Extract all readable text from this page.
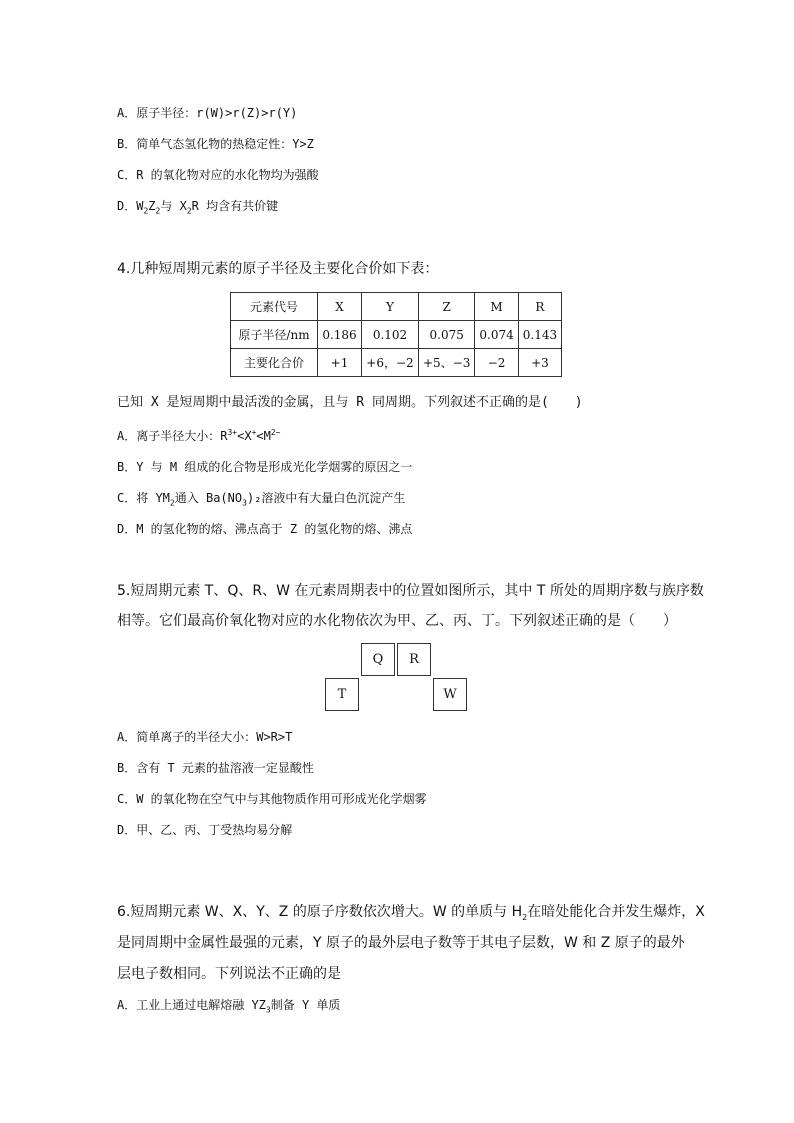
A．原子半径：r(W)>r(Z)>r(Y)
B．简单气态氢化物的热稳定性：Y>Z
C．R 的氧化物对应的水化物均为强酸
D．$W_2Z_2$与 $X_2R$ 均含有共价键
4.几种短周期元素的原子半径及主要化合价如下表：
元素代号	X	Y	Z	M	R
原子半径/nm	0.186	0.102	0.075	0.074	0.143
主要化合价	+1	+6，−2	+5、−3	−2	+3
已知 X 是短周期中最活泼的金属，且与 R 同周期。下列叙述不正确的是(　　)
A．离子半径大小：$R^{3+}<X^+<M^{2-}$
B．Y 与 M 组成的化合物是形成光化学烟雾的原因之一
C．将 $YM_2$通入 $Ba(NO_3)_2$溶液中有大量白色沉淀产生
D．M 的氢化物的熔、沸点高于 Z 的氢化物的熔、沸点
5.短周期元素 T、Q、R、W 在元素周期表中的位置如图所示，其中 T 所处的周期序数与族序数
相等。它们最高价氧化物对应的水化物依次为甲、乙、丙、丁。下列叙述正确的是（　　）
Q	R
T	W
A．简单离子的半径大小：W>R>T
B．含有 T 元素的盐溶液一定显酸性
C．W 的氧化物在空气中与其他物质作用可形成光化学烟雾
D．甲、乙、丙、丁受热均易分解
6.短周期元素 W、X、Y、Z 的原子序数依次增大。W 的单质与 $H_2$在暗处能化合并发生爆炸，X
是同周期中金属性最强的元素，Y 原子的最外层电子数等于其电子层数，W 和 Z 原子的最外
层电子数相同。下列说法不正确的是
A．工业上通过电解熔融 $YZ_3$制备 Y 单质
